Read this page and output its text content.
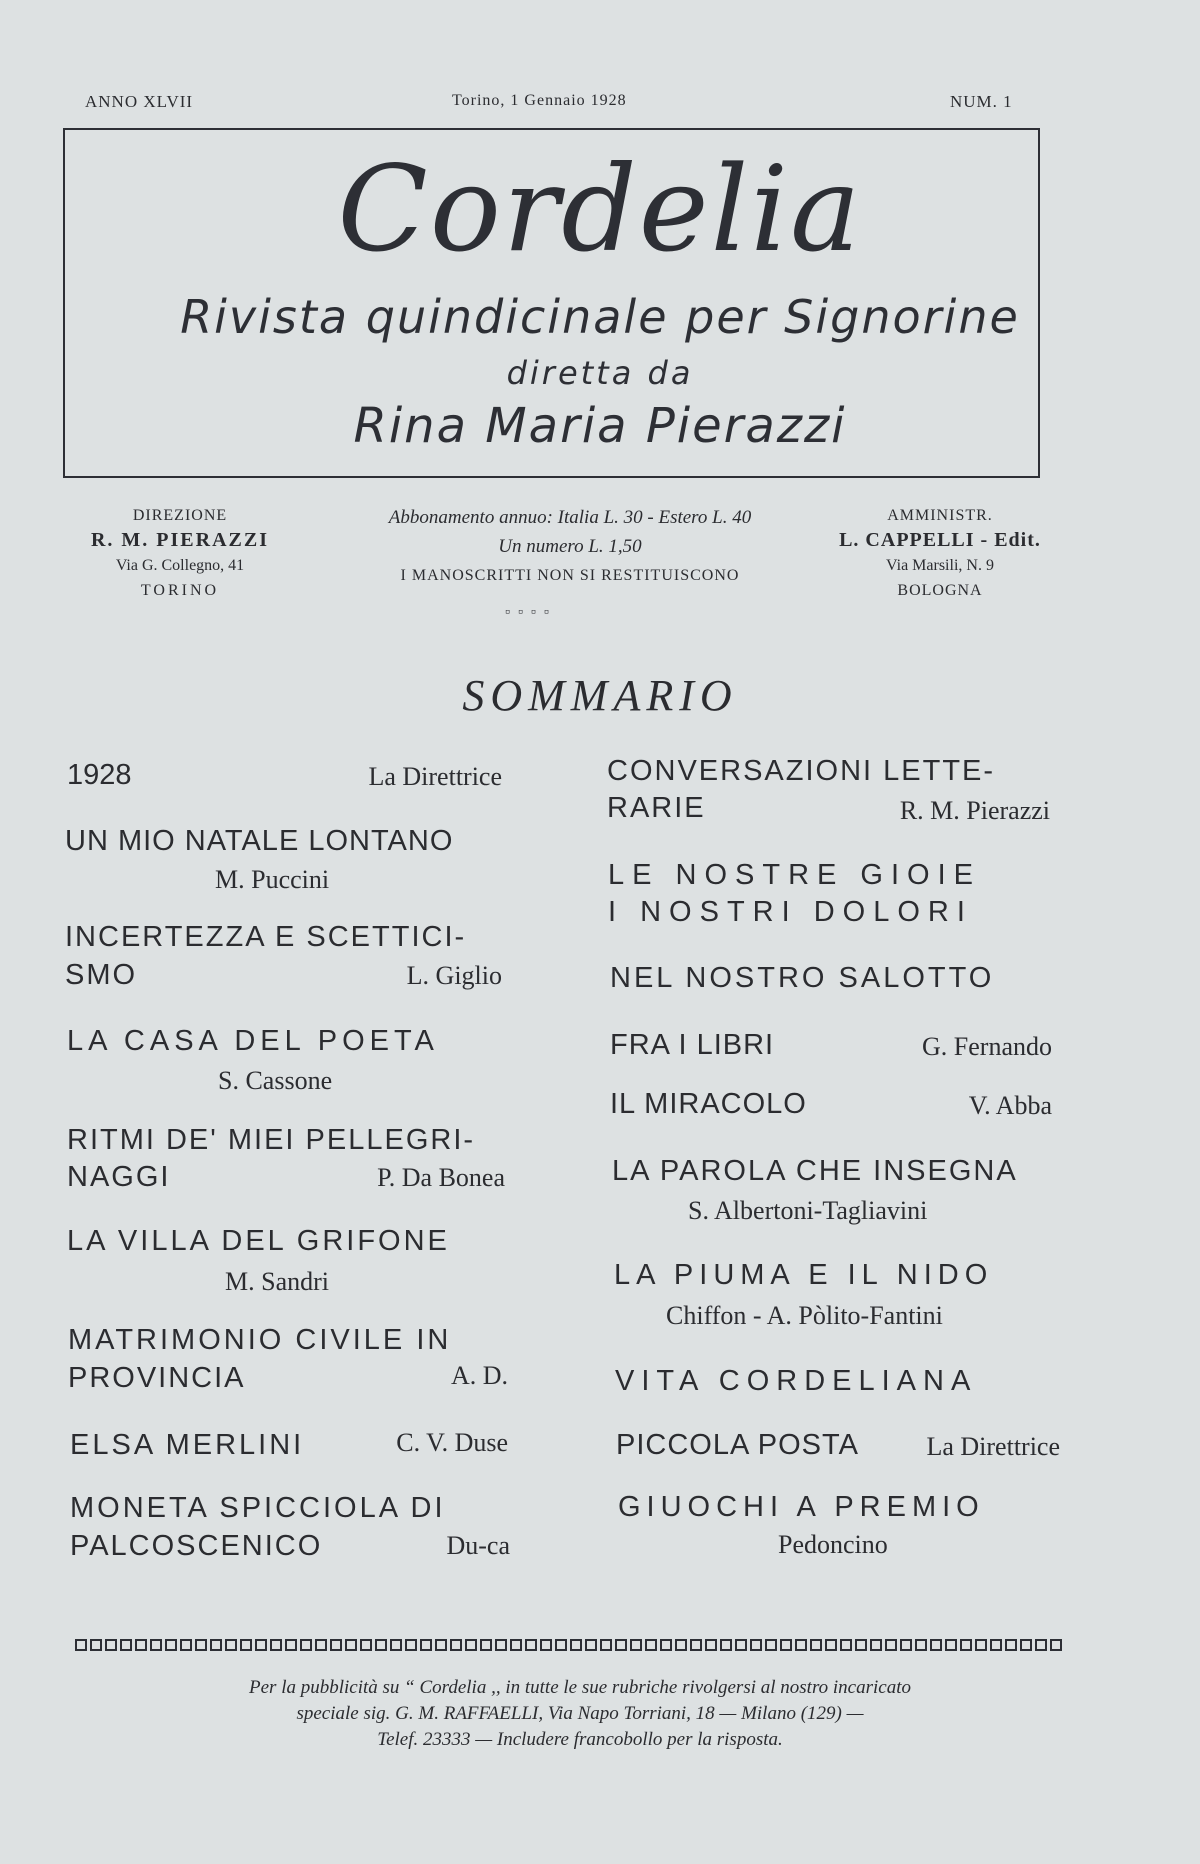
ANNO XLVII	Torino, 1 Gennaio 1928	NUM. 1
Cordelia
Rivista quindicinale per Signorine
diretta da
Rina Maria Pierazzi
DIREZIONE
R. M. PIERAZZI
Via G. Collegno, 41
TORINO
Abbonamento annuo: Italia L. 30 - Estero L. 40
Un numero L. 1,50
I MANOSCRITTI NON SI RESTITUISCONO
▫▫▫▫
AMMINISTR.
L. CAPPELLI - Edit.
Via Marsili, N. 9
BOLOGNA
SOMMARIO
1928	La Direttrice
UN MIO NATALE LONTANO
M. Puccini
INCERTEZZA E SCETTICI-
SMO	L. Giglio
LA CASA DEL POETA
S. Cassone
RITMI DE' MIEI PELLEGRI-
NAGGI	P. Da Bonea
LA VILLA DEL GRIFONE
M. Sandri
MATRIMONIO CIVILE IN
PROVINCIA	A. D.
ELSA MERLINI	C. V. Duse
MONETA SPICCIOLA DI
PALCOSCENICO	Du-ca
CONVERSAZIONI LETTE-
RARIE	R. M. Pierazzi
LE NOSTRE GIOIE
I NOSTRI DOLORI
NEL NOSTRO SALOTTO
FRA I LIBRI	G. Fernando
IL MIRACOLO	V. Abba
LA PAROLA CHE INSEGNA
S. Albertoni-Tagliavini
LA PIUMA E IL NIDO
Chiffon - A. Pòlito-Fantini
VITA CORDELIANA
PICCOLA POSTA	La Direttrice
GIUOCHI A PREMIO
Pedoncino
Per la pubblicità su “ Cordelia ,, in tutte le sue rubriche rivolgersi al nostro incaricato
speciale sig. G. M. RAFFAELLI, Via Napo Torriani, 18 — Milano (129) —
Telef. 23333 — Includere francobollo per la risposta.
